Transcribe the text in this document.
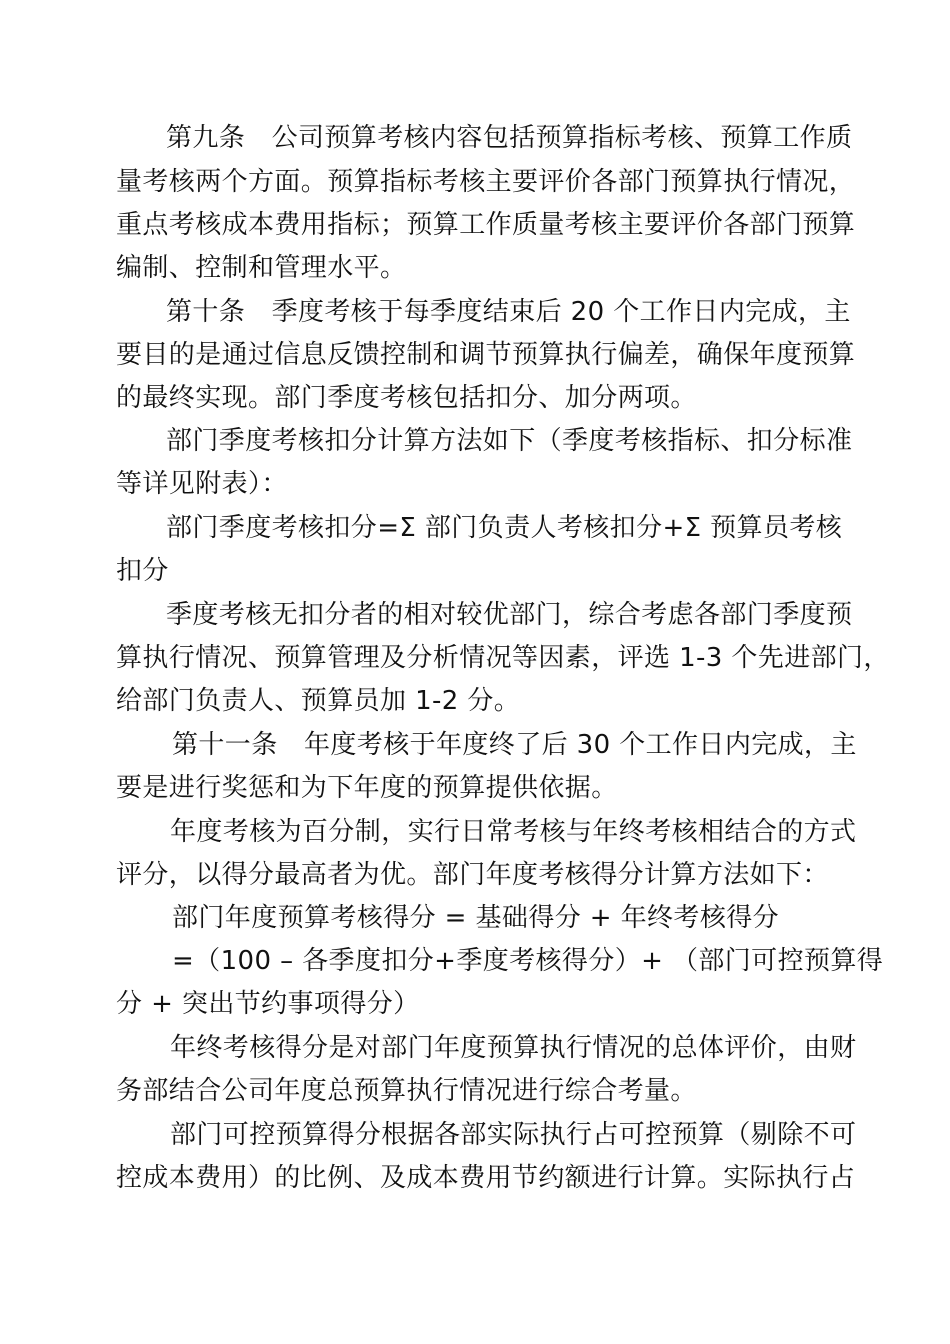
第九条　公司预算考核内容包括预算指标考核、预算工作质
量考核两个方面。预算指标考核主要评价各部门预算执行情况，
重点考核成本费用指标；预算工作质量考核主要评价各部门预算
编制、控制和管理水平。
第十条　季度考核于每季度结束后 20 个工作日内完成，主
要目的是通过信息反馈控制和调节预算执行偏差，确保年度预算
的最终实现。部门季度考核包括扣分、加分两项。
部门季度考核扣分计算方法如下（季度考核指标、扣分标准
等详见附表）：
部门季度考核扣分=Σ 部门负责人考核扣分+Σ 预算员考核
扣分
季度考核无扣分者的相对较优部门，综合考虑各部门季度预
算执行情况、预算管理及分析情况等因素，评选 1-3 个先进部门，
给部门负责人、预算员加 1-2 分。
第十一条　年度考核于年度终了后 30 个工作日内完成，主
要是进行奖惩和为下年度的预算提供依据。
年度考核为百分制，实行日常考核与年终考核相结合的方式
评分，以得分最高者为优。部门年度考核得分计算方法如下：
部门年度预算考核得分 = 基础得分 + 年终考核得分
=（100 – 各季度扣分+季度考核得分）+ （部门可控预算得
分 + 突出节约事项得分）
年终考核得分是对部门年度预算执行情况的总体评价，由财
务部结合公司年度总预算执行情况进行综合考量。
部门可控预算得分根据各部实际执行占可控预算（剔除不可
控成本费用）的比例、及成本费用节约额进行计算。实际执行占
